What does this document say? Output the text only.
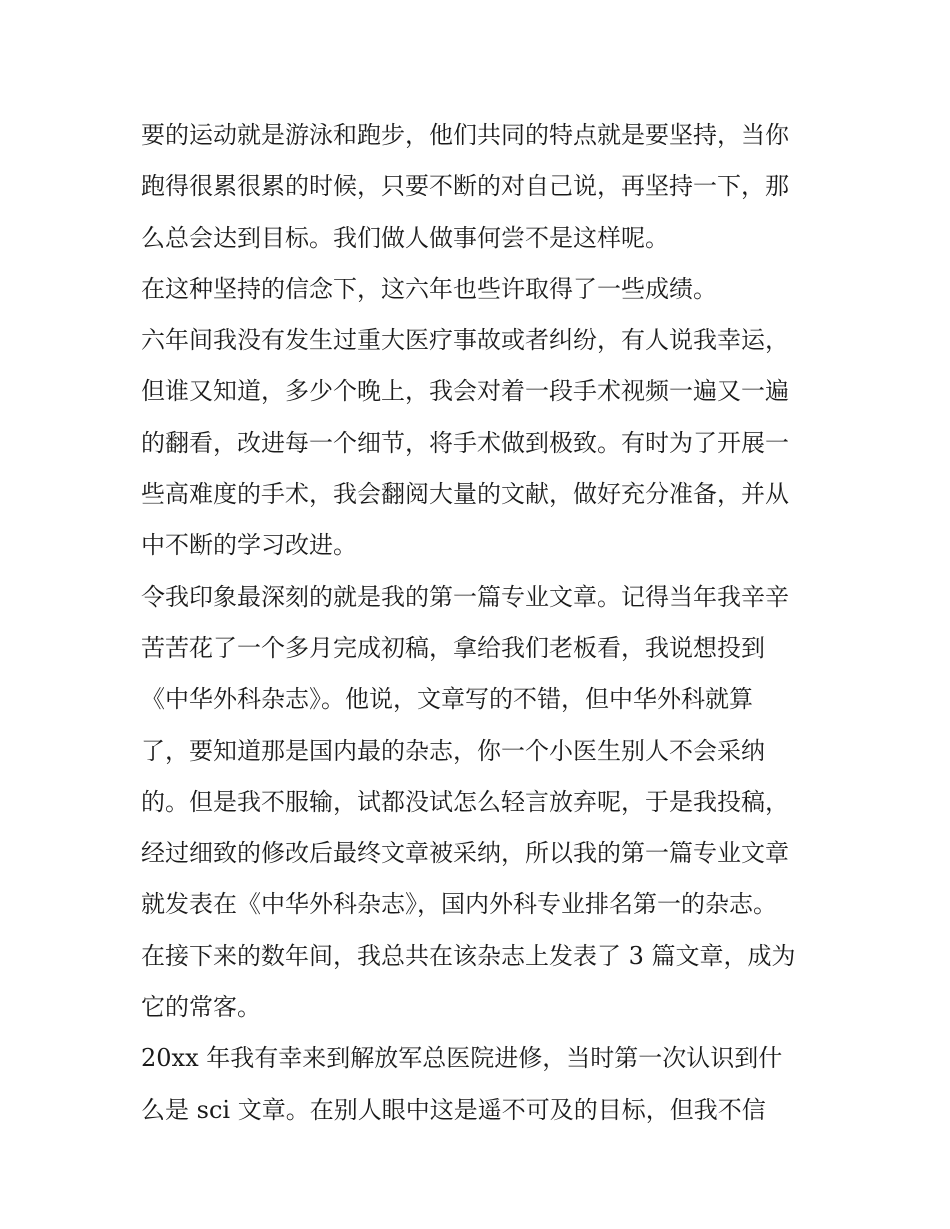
要的运动就是游泳和跑步，他们共同的特点就是要坚持，当你
跑得很累很累的时候，只要不断的对自己说，再坚持一下，那
么总会达到目标。我们做人做事何尝不是这样呢。
在这种坚持的信念下，这六年也些许取得了一些成绩。
六年间我没有发生过重大医疗事故或者纠纷，有人说我幸运，
但谁又知道，多少个晚上，我会对着一段手术视频一遍又一遍
的翻看，改进每一个细节，将手术做到极致。有时为了开展一
些高难度的手术，我会翻阅大量的文献，做好充分准备，并从
中不断的学习改进。
令我印象最深刻的就是我的第一篇专业文章。记得当年我辛辛
苦苦花了一个多月完成初稿，拿给我们老板看，我说想投到
《中华外科杂志》。他说，文章写的不错，但中华外科就算
了，要知道那是国内最的杂志，你一个小医生别人不会采纳
的。但是我不服输，试都没试怎么轻言放弃呢，于是我投稿，
经过细致的修改后最终文章被采纳，所以我的第一篇专业文章
就发表在《中华外科杂志》，国内外科专业排名第一的杂志。
在接下来的数年间，我总共在该杂志上发表了 3 篇文章，成为
它的常客。
20xx 年我有幸来到解放军总医院进修，当时第一次认识到什
么是 sci 文章。在别人眼中这是遥不可及的目标，但我不信
